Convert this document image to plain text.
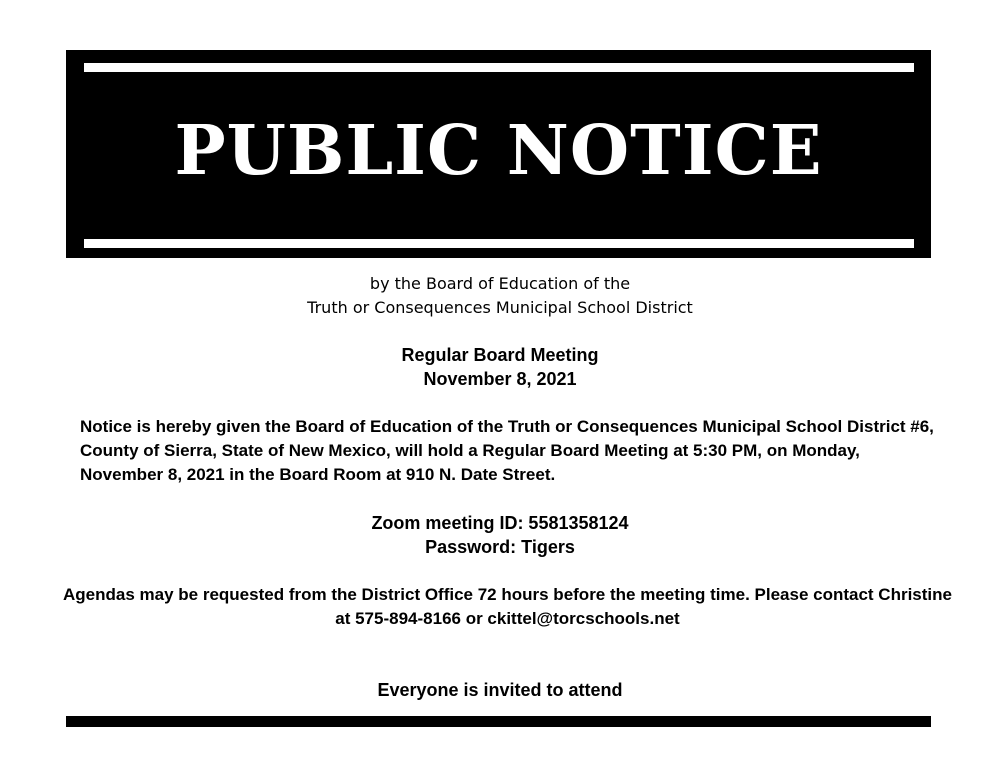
PUBLIC NOTICE
by the Board of Education of the
Truth or Consequences Municipal School District
Regular Board Meeting
November 8, 2021
Notice is hereby given the Board of Education of the Truth or Consequences Municipal School District #6, County of Sierra, State of New Mexico, will hold a Regular Board Meeting at 5:30 PM, on Monday, November 8, 2021 in the Board Room at 910 N. Date Street.
Zoom meeting ID: 5581358124
Password: Tigers
Agendas may be requested from the District Office 72 hours before the meeting time. Please contact Christine at 575-894-8166 or ckittel@torcschools.net
Everyone is invited to attend
